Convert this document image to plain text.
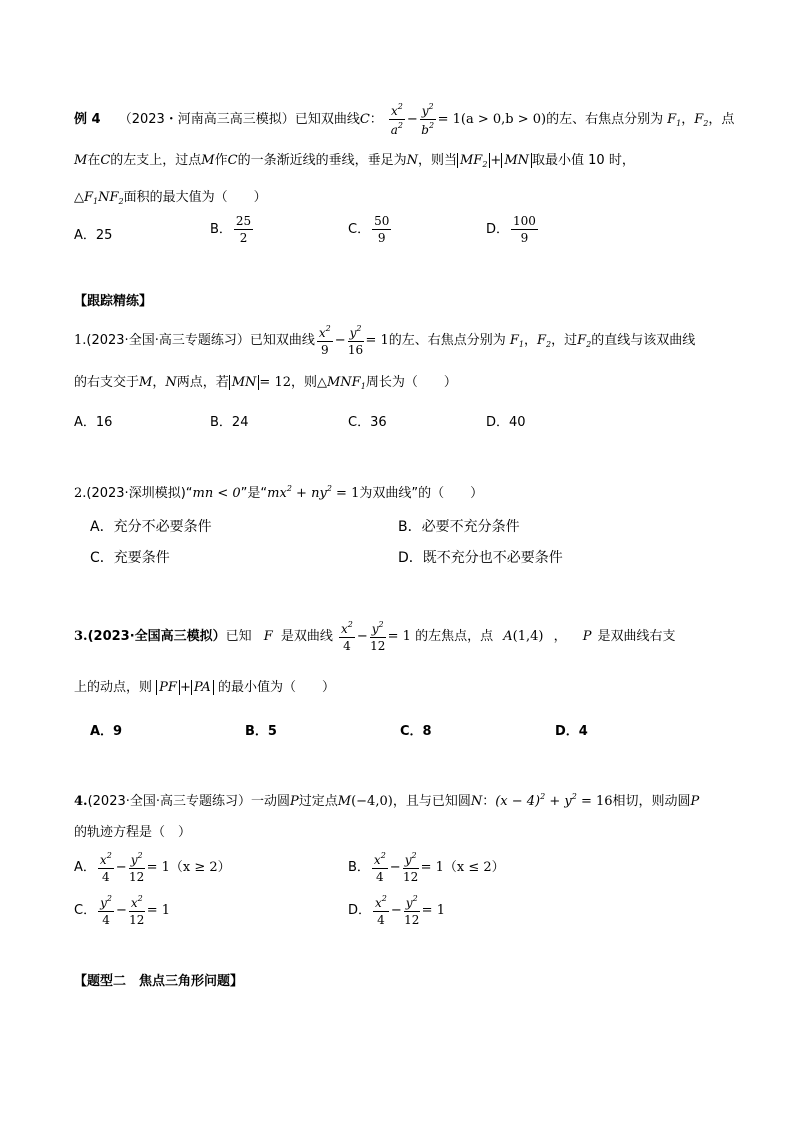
例 4 （2023・河南高三高三模拟）已知双曲线C： $\frac{x^2}{a^2} - \frac{y^2}{b^2} = 1(a > 0,b > 0)$的左、右焦点分别为 $F_1$，$F_2$，点
M在C的左支上，过点M作C的一条渐近线的垂线，垂足为N，则当 $MF_2$ + MN 取最小值 10 时，
$\triangle F_1NF_2$面积的最大值为（　　）
A．25	B． $\frac{25}{2}$	C． $\frac{50}{9}$	D． $\frac{100}{9}$
【跟踪精练】
1.(2023·全国·高三专题练习）已知双曲线 $\frac{x^2}{9} - \frac{y^2}{16} = 1$的左、右焦点分别为 $F_1$，$F_2$，过$F_2$的直线与该双曲线
的右支交于M，N两点，若 MN = 12，则$\triangle MNF_1$周长为（　　）
A．16	B．24	C．36	D．40
2.(2023·深圳模拟)“mn < 0”是“$mx^2 + ny^2 = 1$为双曲线”的（　　）
A．充分不必要条件	B．必要不充分条件
C．充要条件	D．既不充分也不必要条件
3.(2023·全国高三模拟）已知 F 是双曲线 $\frac{x^2}{4} - \frac{y^2}{12} = 1$ 的左焦点，点 A(1,4) ， P 是双曲线右支
上的动点，则 PF + PA 的最小值为（　　）
A．9	B．5	C．8	D．4
4.(2023·全国·高三专题练习）一动圆P过定点M(−4,0)，且与已知圆N：$(x - 4)^2 + y^2 = 16$相切，则动圆P
的轨迹方程是（　）
A． $\frac{x^2}{4} - \frac{y^2}{12} = 1(x \ge 2)$	B． $\frac{x^2}{4} - \frac{y^2}{12} = 1(x \le 2)$
C． $\frac{y^2}{4} - \frac{x^2}{12} = 1$	D． $\frac{x^2}{4} - \frac{y^2}{12} = 1$
【题型二　焦点三角形问题】
